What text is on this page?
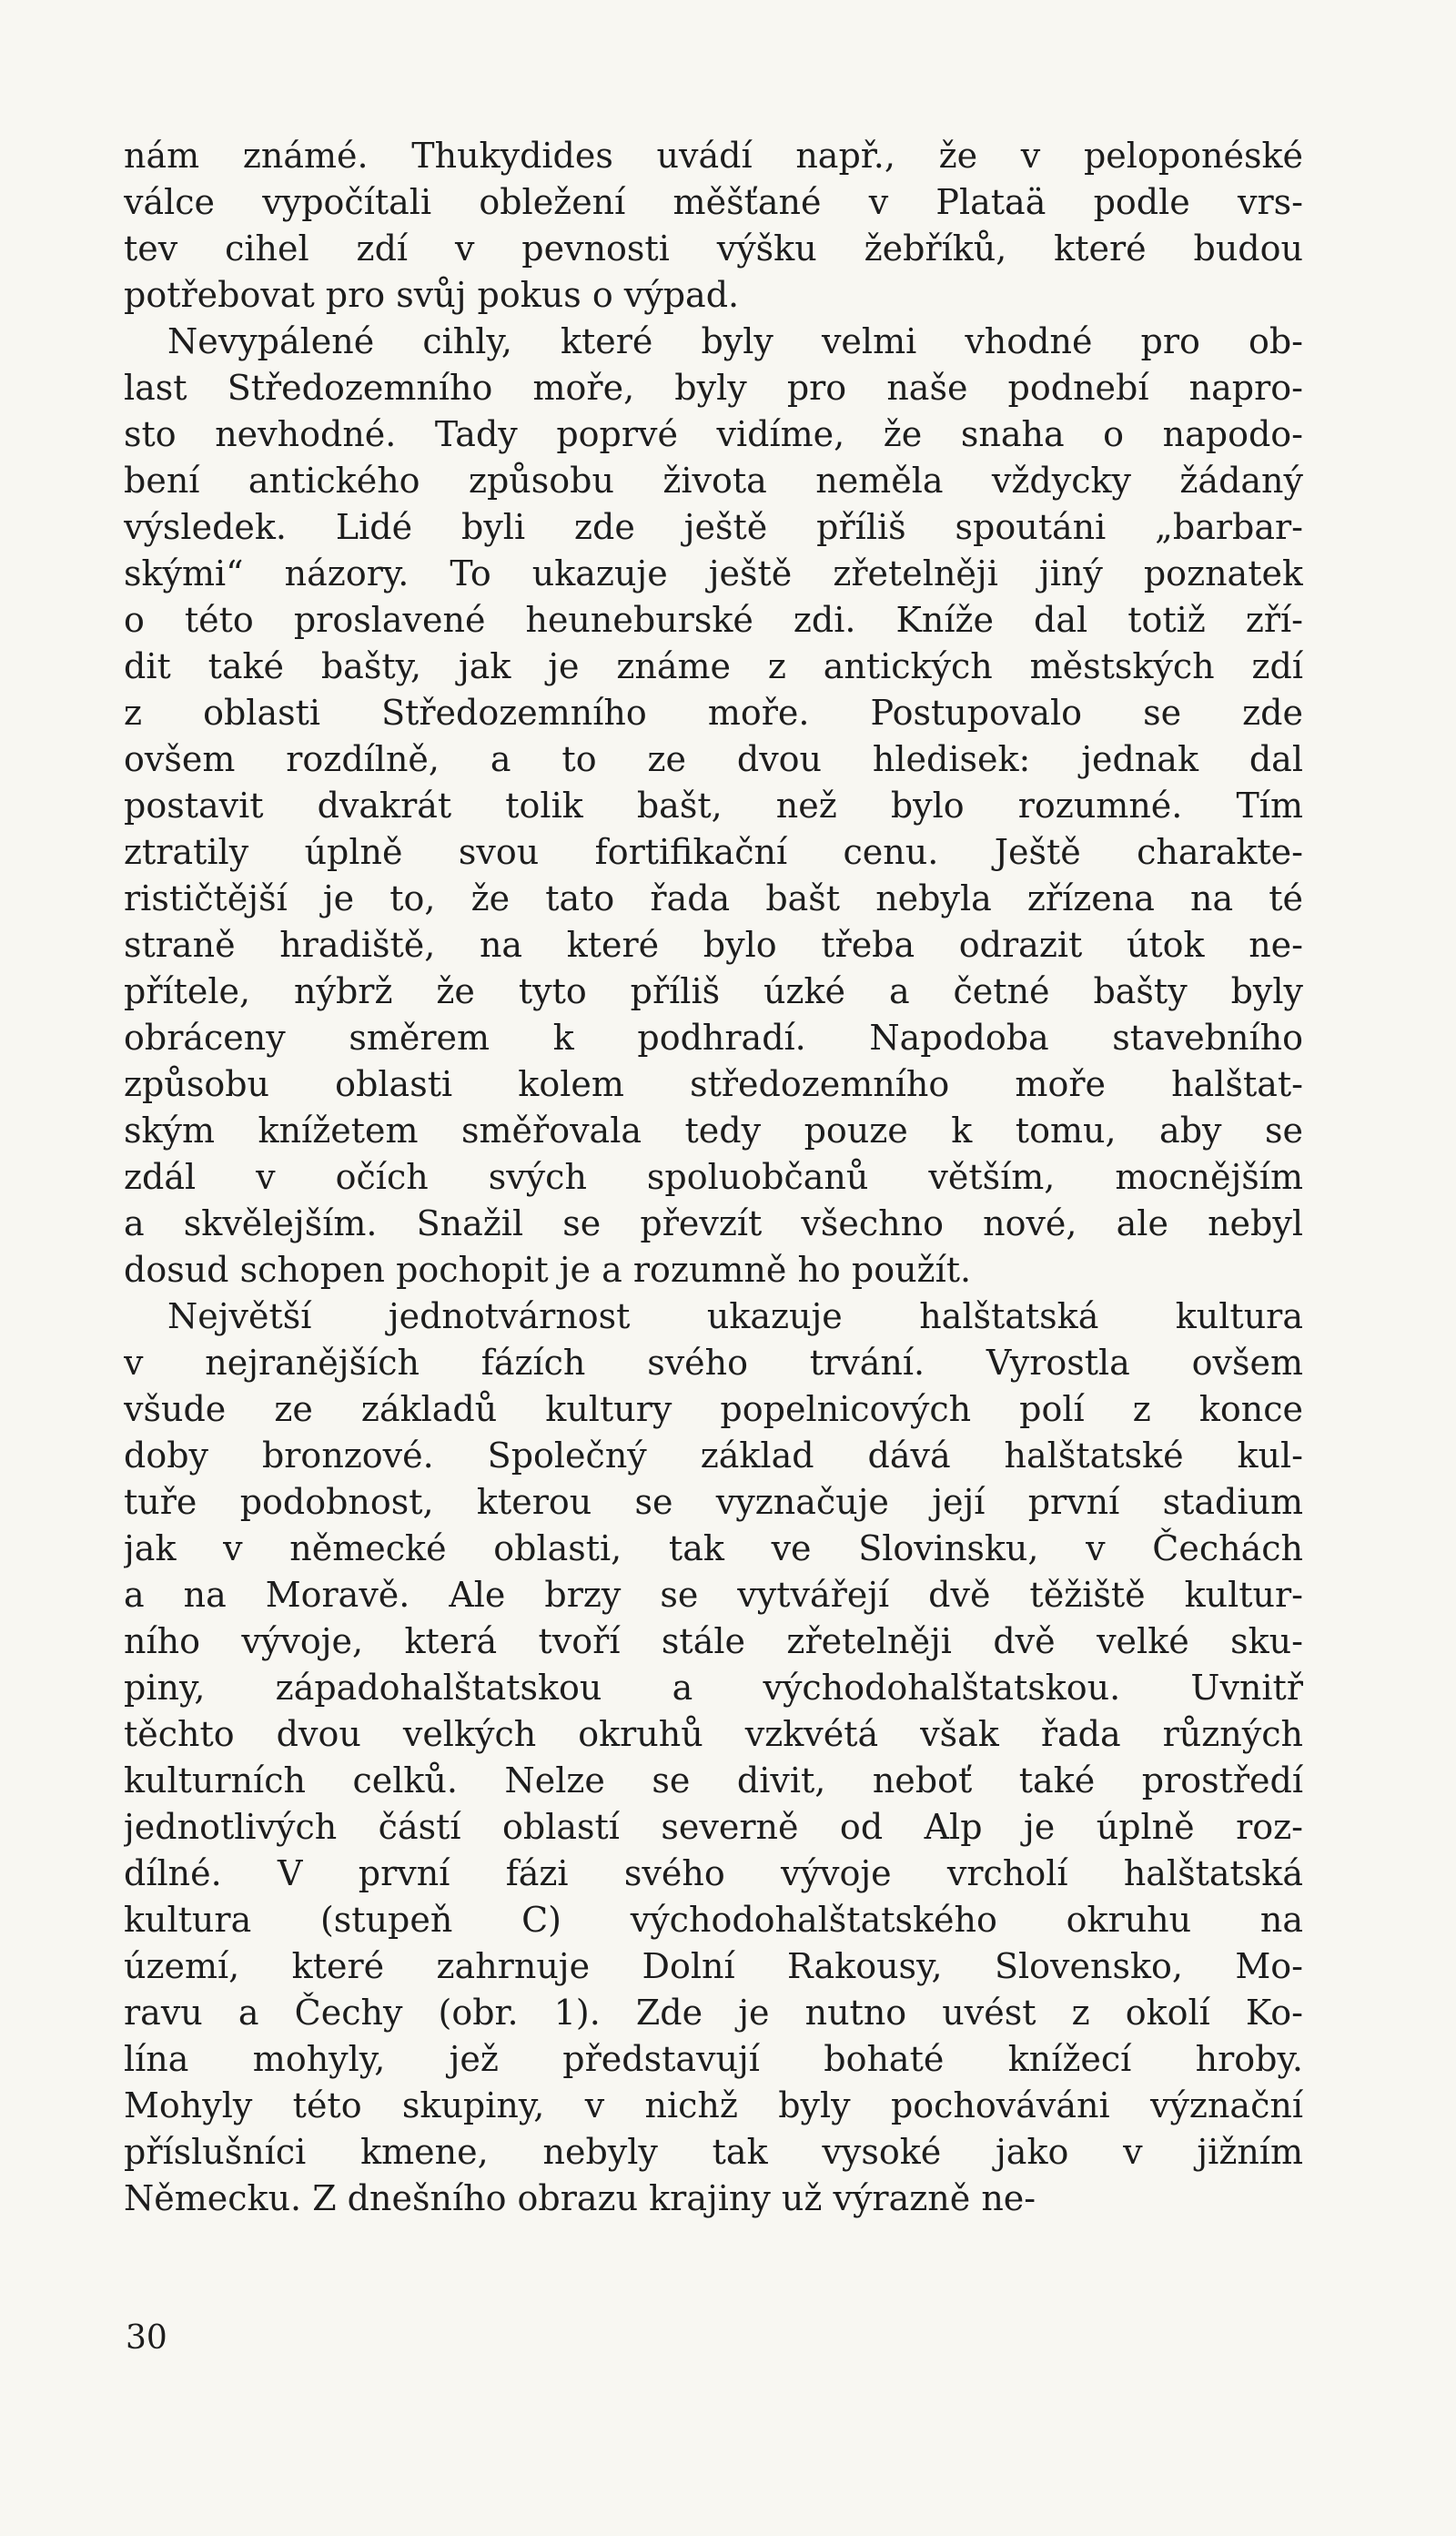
nám známé. Thukydides uvádí např., že v peloponéské
válce vypočítali obležení měšťané v Plataä podle vrs-
tev cihel zdí v pevnosti výšku žebříků, které budou
potřebovat pro svůj pokus o výpad.
Nevypálené cihly, které byly velmi vhodné pro ob-
last Středozemního moře, byly pro naše podnebí napro-
sto nevhodné. Tady poprvé vidíme, že snaha o napodo-
bení antického způsobu života neměla vždycky žádaný
výsledek. Lidé byli zde ještě příliš spoutáni „barbar-
skými“ názory. To ukazuje ještě zřetelněji jiný poznatek
o této proslavené heuneburské zdi. Kníže dal totiž zří-
dit také bašty, jak je známe z antických městských zdí
z oblasti Středozemního moře. Postupovalo se zde
ovšem rozdílně, a to ze dvou hledisek: jednak dal
postavit dvakrát tolik bašt, než bylo rozumné. Tím
ztratily úplně svou fortifikační cenu. Ještě charakte-
rističtější je to, že tato řada bašt nebyla zřízena na té
straně hradiště, na které bylo třeba odrazit útok ne-
přítele, nýbrž že tyto příliš úzké a četné bašty byly
obráceny směrem k podhradí. Napodoba stavebního
způsobu oblasti kolem středozemního moře halštat-
ským knížetem směřovala tedy pouze k tomu, aby se
zdál v očích svých spoluobčanů větším, mocnějším
a skvělejším. Snažil se převzít všechno nové, ale nebyl
dosud schopen pochopit je a rozumně ho použít.
Největší jednotvárnost ukazuje halštatská kultura
v nejranějších fázích svého trvání. Vyrostla ovšem
všude ze základů kultury popelnicových polí z konce
doby bronzové. Společný základ dává halštatské kul-
tuře podobnost, kterou se vyznačuje její první stadium
jak v německé oblasti, tak ve Slovinsku, v Čechách
a na Moravě. Ale brzy se vytvářejí dvě těžiště kultur-
ního vývoje, která tvoří stále zřetelněji dvě velké sku-
piny, západohalštatskou a východohalštatskou. Uvnitř
těchto dvou velkých okruhů vzkvétá však řada různých
kulturních celků. Nelze se divit, neboť také prostředí
jednotlivých částí oblastí severně od Alp je úplně roz-
dílné. V první fázi svého vývoje vrcholí halštatská
kultura (stupeň C) východohalštatského okruhu na
území, které zahrnuje Dolní Rakousy, Slovensko, Mo-
ravu a Čechy (obr. 1). Zde je nutno uvést z okolí Ko-
lína mohyly, jež představují bohaté knížecí hroby.
Mohyly této skupiny, v nichž byly pochováváni význační
příslušníci kmene, nebyly tak vysoké jako v jižním
Německu. Z dnešního obrazu krajiny už výrazně ne-
30
